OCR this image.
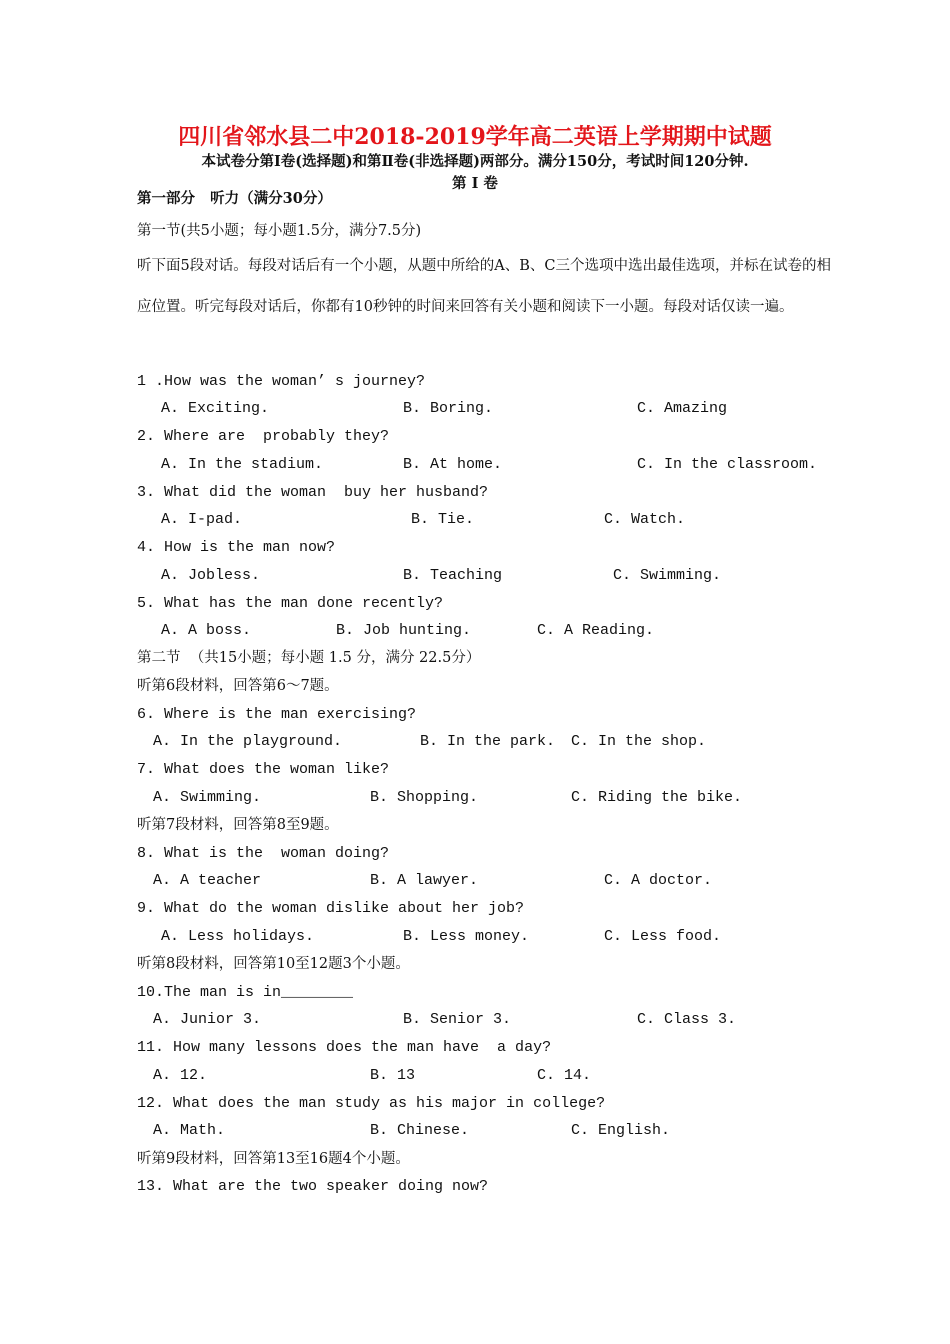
四川省邻水县二中2018-2019学年高二英语上学期期中试题
本试卷分第Ⅰ卷(选择题)和第Ⅱ卷(非选择题)两部分。满分150分，考试时间120分钟.
第 Ⅰ 卷
第一部分   听力（满分30分）
第一节(共5小题；每小题1.5分，满分7.5分)
听下面5段对话。每段对话后有一个小题，从题中所给的A、B、C三个选项中选出最佳选项，并标在试卷的相应位置。听完每段对话后，你都有10秒钟的时间来回答有关小题和阅读下一小题。每段对话仅读一遍。
1 .How was the woman’ s journey?
A. Exciting.	B. Boring.	C. Amazing
2. Where are  probably they?
A. In the stadium.	B. At home.	C. In the classroom.
3. What did the woman  buy her husband?
A. I-pad.	B. Tie.	C. Watch.
4. How is the man now?
A. Jobless.	B. Teaching	C. Swimming.
5. What has the man done recently?
A. A boss.	B. Job hunting.	C. A Reading.
第二节  （共15小题；每小题 1.5 分，满分 22.5分）
听第6段材料，回答第6～7题。
6. Where is the man exercising?
A. In the playground.	B. In the park. C. In the shop.
7. What does the woman like?
A. Swimming.	B. Shopping.	C. Riding the bike.
听第7段材料，回答第8至9题。
8. What is the  woman doing?
A. A teacher	B. A lawyer.	C. A doctor.
9. What do the woman dislike about her job?
A. Less holidays.	B. Less money.	C. Less food.
听第8段材料，回答第10至12题3个小题。
10.The man is in________
A. Junior 3.	B. Senior 3.	C. Class 3.
11. How many lessons does the man have  a day?
A. 12.	B. 13	C. 14.
12. What does the man study as his major in college?
A. Math.	B. Chinese.	C. English.
听第9段材料，回答第13至16题4个小题。
13. What are the two speaker doing now?
